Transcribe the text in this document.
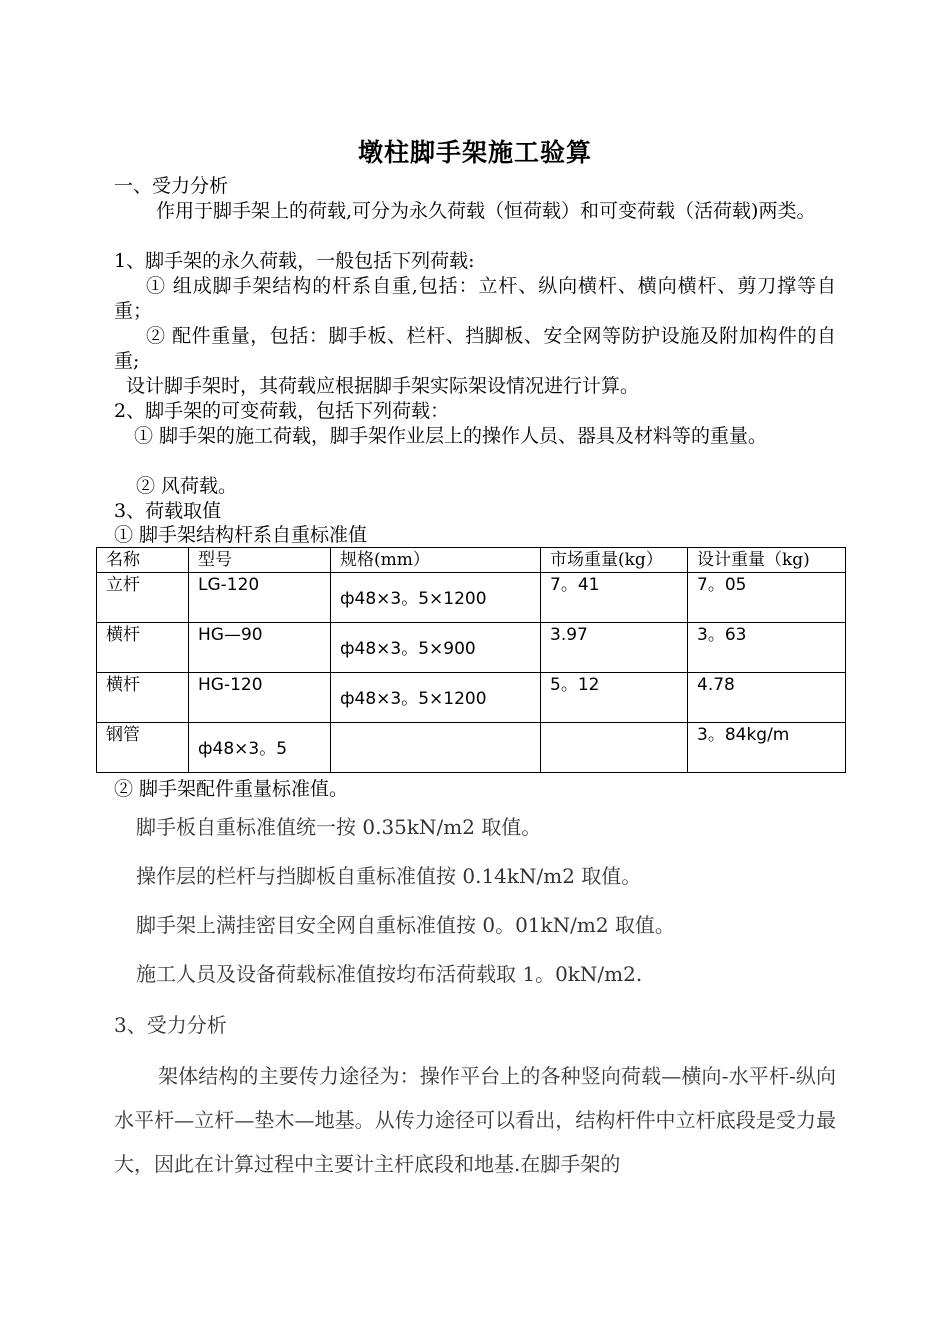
墩柱脚手架施工验算
一、受力分析
作用于脚手架上的荷载,可分为永久荷载（恒荷载）和可变荷载（活荷载)两类。
1、脚手架的永久荷载，一般包括下列荷载:
① 组成脚手架结构的杆系自重,包括：立杆、纵向横杆、横向横杆、剪刀撑等自重；
② 配件重量，包括：脚手板、栏杆、挡脚板、安全网等防护设施及附加构件的自重;
设计脚手架时，其荷载应根据脚手架实际架设情况进行计算。
2、脚手架的可变荷载，包括下列荷载：
① 脚手架的施工荷载，脚手架作业层上的操作人员、器具及材料等的重量。
② 风荷载。
3、荷载取值
① 脚手架结构杆系自重标准值
名称	型号	规格(mm）	市场重量(kg）	设计重量（kg)
立杆	LG-120	ф48×3。5×1200	7。41	7。05
横杆	HG—90	ф48×3。5×900	3.97	3。63
横杆	HG-120	ф48×3。5×1200	5。12	4.78
钢管	ф48×3。5			3。84kg/m
② 脚手架配件重量标准值。
脚手板自重标准值统一按 0.35kN/m2 取值。
操作层的栏杆与挡脚板自重标准值按 0.14kN/m2 取值。
脚手架上满挂密目安全网自重标准值按 0。01kN/m2 取值。
施工人员及设备荷载标准值按均布活荷载取 1。0kN/m2.
3、受力分析
架体结构的主要传力途径为：操作平台上的各种竖向荷载—横向-水平杆-纵向水平杆—立杆—垫木—地基。从传力途径可以看出，结构杆件中立杆底段是受力最大，因此在计算过程中主要计主杆底段和地基.在脚手架的
